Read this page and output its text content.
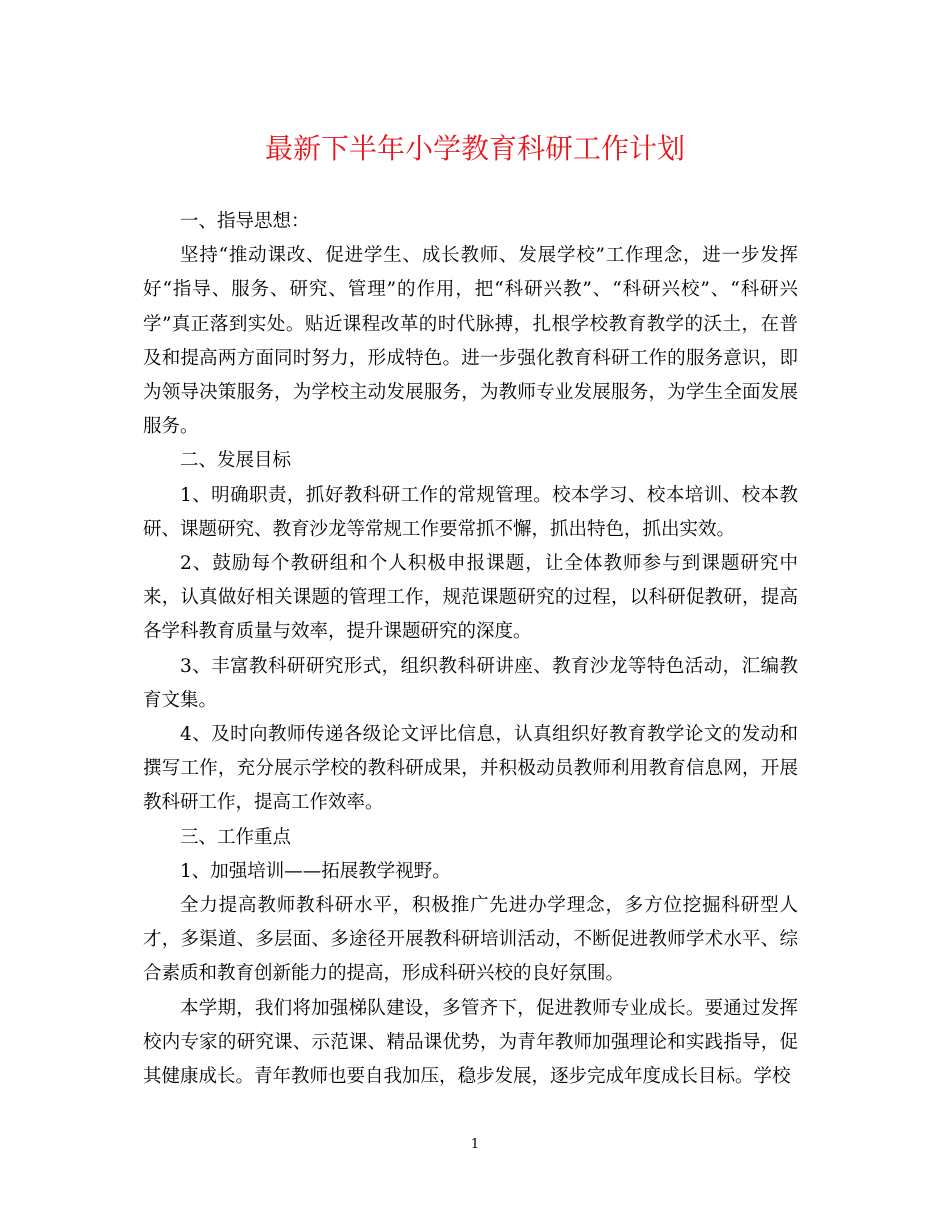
最新下半年小学教育科研工作计划

一、指导思想：

坚持“推动课改、促进学生、成长教师、发展学校”工作理念，进一步发挥好“指导、服务、研究、管理”的作用，把“科研兴教”、“科研兴校”、“科研兴学”真正落到实处。贴近课程改革的时代脉搏，扎根学校教育教学的沃土，在普及和提高两方面同时努力，形成特色。进一步强化教育科研工作的服务意识，即为领导决策服务，为学校主动发展服务，为教师专业发展服务，为学生全面发展服务。

二、发展目标

1、明确职责，抓好教科研工作的常规管理。校本学习、校本培训、校本教研、课题研究、教育沙龙等常规工作要常抓不懈，抓出特色，抓出实效。

2、鼓励每个教研组和个人积极申报课题，让全体教师参与到课题研究中来，认真做好相关课题的管理工作，规范课题研究的过程，以科研促教研，提高各学科教育质量与效率，提升课题研究的深度。

3、丰富教科研研究形式，组织教科研讲座、教育沙龙等特色活动，汇编教育文集。

4、及时向教师传递各级论文评比信息，认真组织好教育教学论文的发动和撰写工作，充分展示学校的教科研成果，并积极动员教师利用教育信息网，开展教科研工作，提高工作效率。

三、工作重点

1、加强培训——拓展教学视野。

全力提高教师教科研水平，积极推广先进办学理念，多方位挖掘科研型人才，多渠道、多层面、多途径开展教科研培训活动，不断促进教师学术水平、综合素质和教育创新能力的提高，形成科研兴校的良好氛围。

本学期，我们将加强梯队建设，多管齐下，促进教师专业成长。要通过发挥校内专家的研究课、示范课、精品课优势，为青年教师加强理论和实践指导，促其健康成长。青年教师也要自我加压，稳步发展，逐步完成年度成长目标。学校

1
